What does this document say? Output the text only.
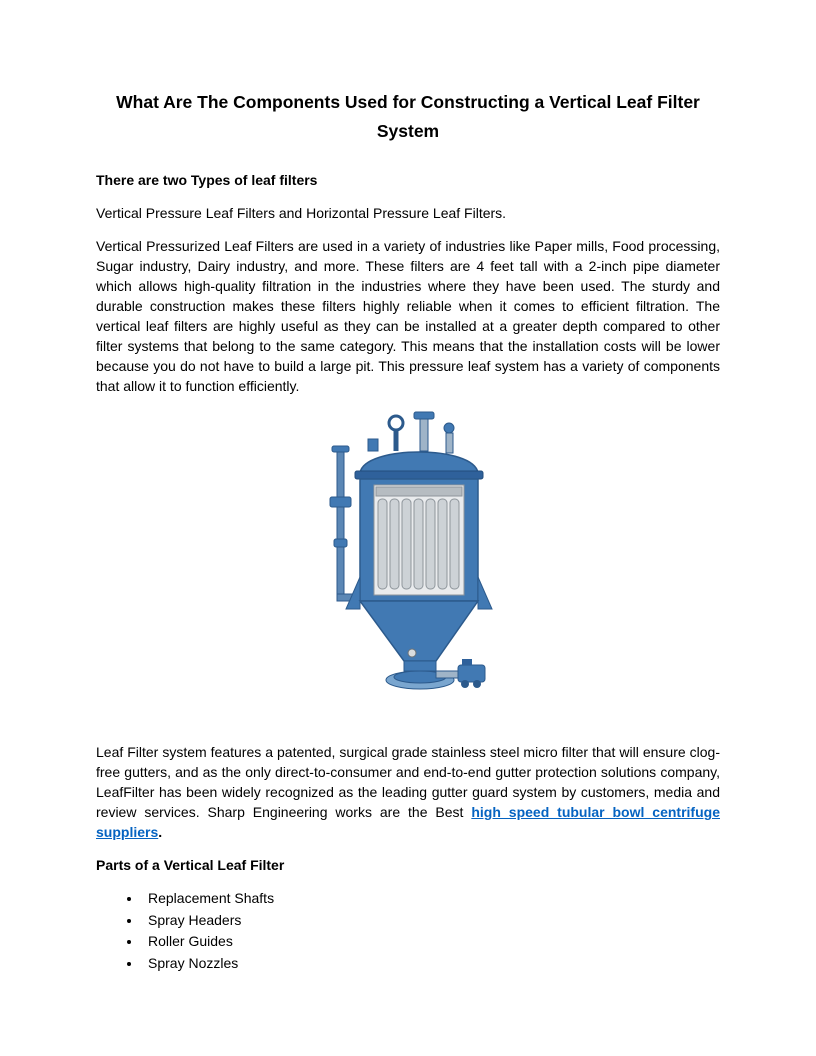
What Are The Components Used for Constructing a Vertical Leaf Filter System
There are two Types of leaf filters

Vertical Pressure Leaf Filters and Horizontal Pressure Leaf Filters.

Vertical Pressurized Leaf Filters are used in a variety of industries like Paper mills, Food processing, Sugar industry, Dairy industry, and more. These filters are 4 feet tall with a 2-inch pipe diameter which allows high-quality filtration in the industries where they have been used. The sturdy and durable construction makes these filters highly reliable when it comes to efficient filtration. The vertical leaf filters are highly useful as they can be installed at a greater depth compared to other filter systems that belong to the same category. This means that the installation costs will be lower because you do not have to build a large pit. This pressure leaf system has a variety of components that allow it to function efficiently.

Leaf Filter system features a patented, surgical grade stainless steel micro filter that will ensure clog-free gutters, and as the only direct-to-consumer and end-to-end gutter protection solutions company, LeafFilter has been widely recognized as the leading gutter guard system by customers, media and review services. Sharp Engineering works are the Best high speed tubular bowl centrifuge suppliers.

Parts of a Vertical Leaf Filter
• Replacement Shafts
• Spray Headers
• Roller Guides
• Spray Nozzles
